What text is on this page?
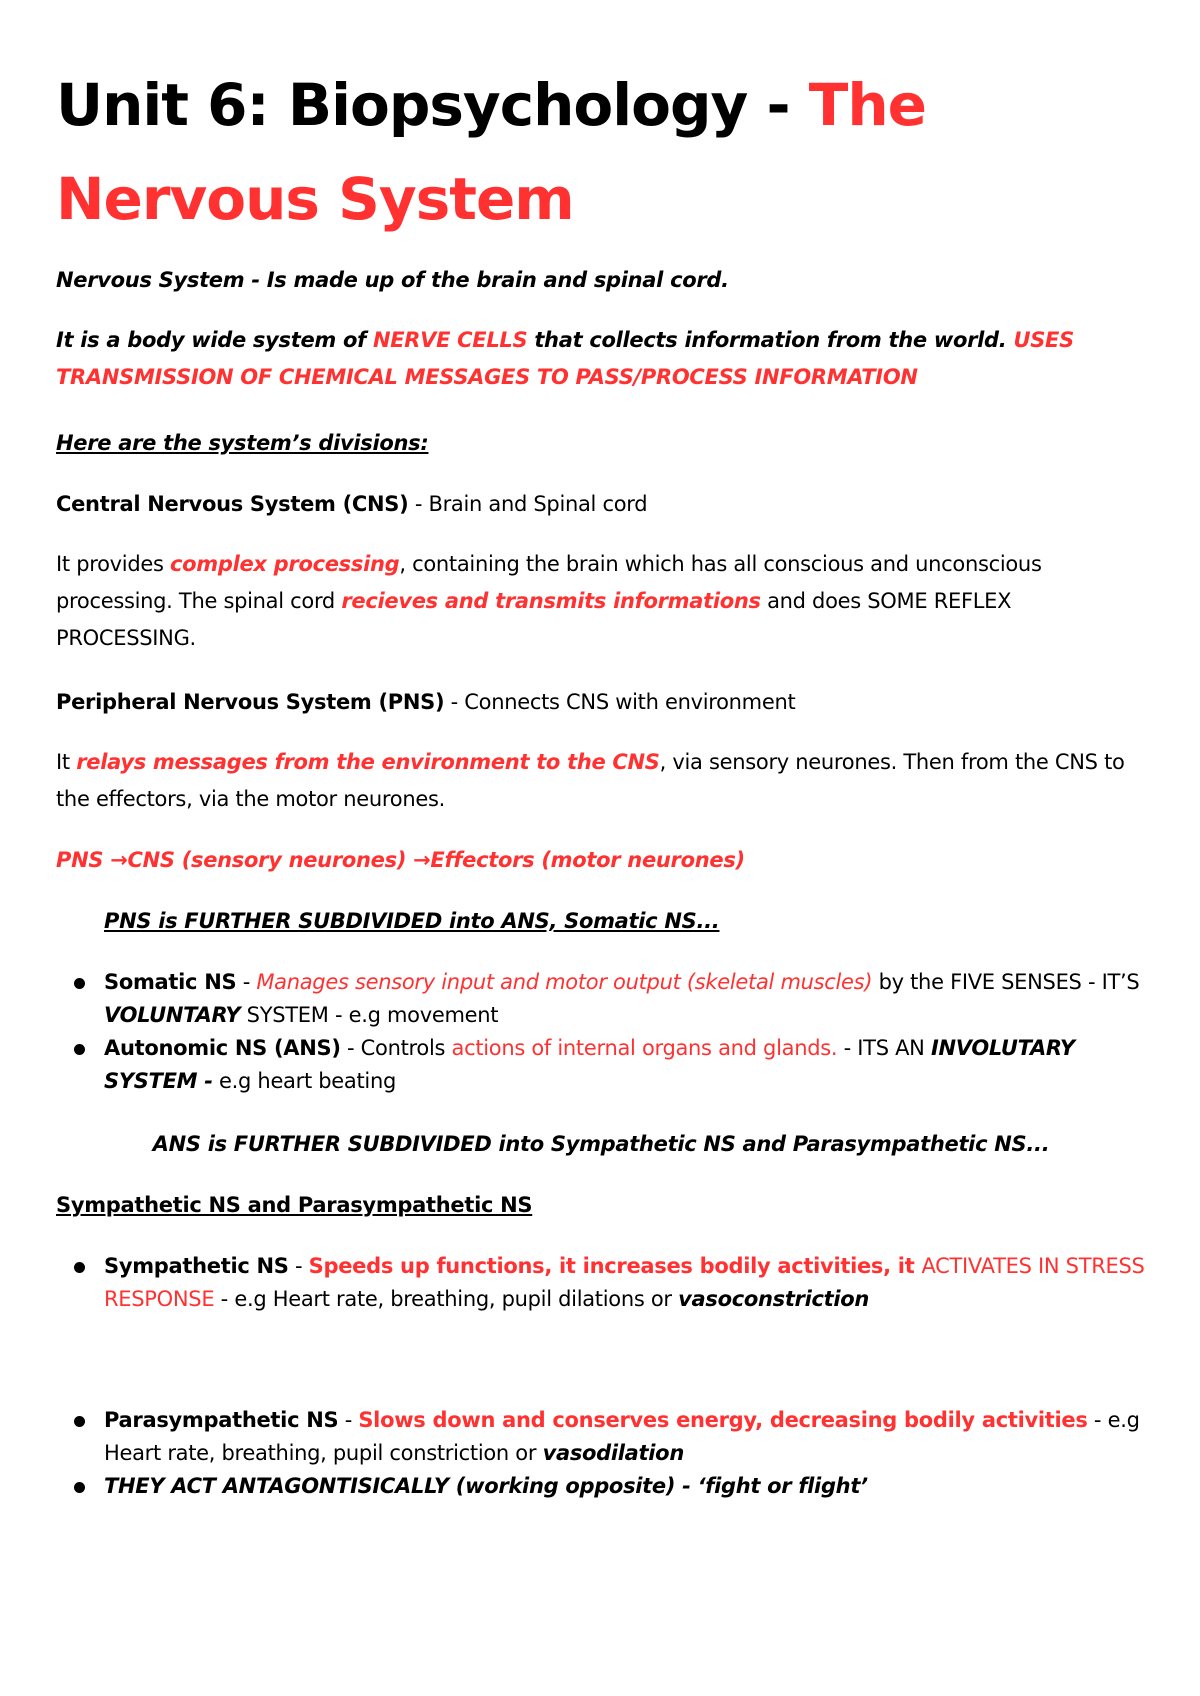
Unit 6: Biopsychology - The Nervous System

Nervous System - Is made up of the brain and spinal cord.

It is a body wide system of NERVE CELLS that collects information from the world. USES TRANSMISSION OF CHEMICAL MESSAGES TO PASS/PROCESS INFORMATION

Here are the system’s divisions:

Central Nervous System (CNS) - Brain and Spinal cord

It provides complex processing, containing the brain which has all conscious and unconscious processing. The spinal cord recieves and transmits informations and does SOME REFLEX PROCESSING.

Peripheral Nervous System (PNS) - Connects CNS with environment

It relays messages from the environment to the CNS, via sensory neurones. Then from the CNS to the effectors, via the motor neurones.

PNS →CNS (sensory neurones) →Effectors (motor neurones)

PNS is FURTHER SUBDIVIDED into ANS, Somatic NS...

Somatic NS - Manages sensory input and motor output (skeletal muscles) by the FIVE SENSES - IT’S VOLUNTARY SYSTEM - e.g movement
Autonomic NS (ANS) - Controls actions of internal organs and glands. - ITS AN INVOLUTARY SYSTEM - e.g heart beating

ANS is FURTHER SUBDIVIDED into Sympathetic NS and Parasympathetic NS...

Sympathetic NS and Parasympathetic NS

Sympathetic NS - Speeds up functions, it increases bodily activities, it ACTIVATES IN STRESS RESPONSE - e.g Heart rate, breathing, pupil dilations or vasoconstriction
Parasympathetic NS - Slows down and conserves energy, decreasing bodily activities - e.g Heart rate, breathing, pupil constriction or vasodilation
THEY ACT ANTAGONTISICALLY (working opposite) - ‘fight or flight’
